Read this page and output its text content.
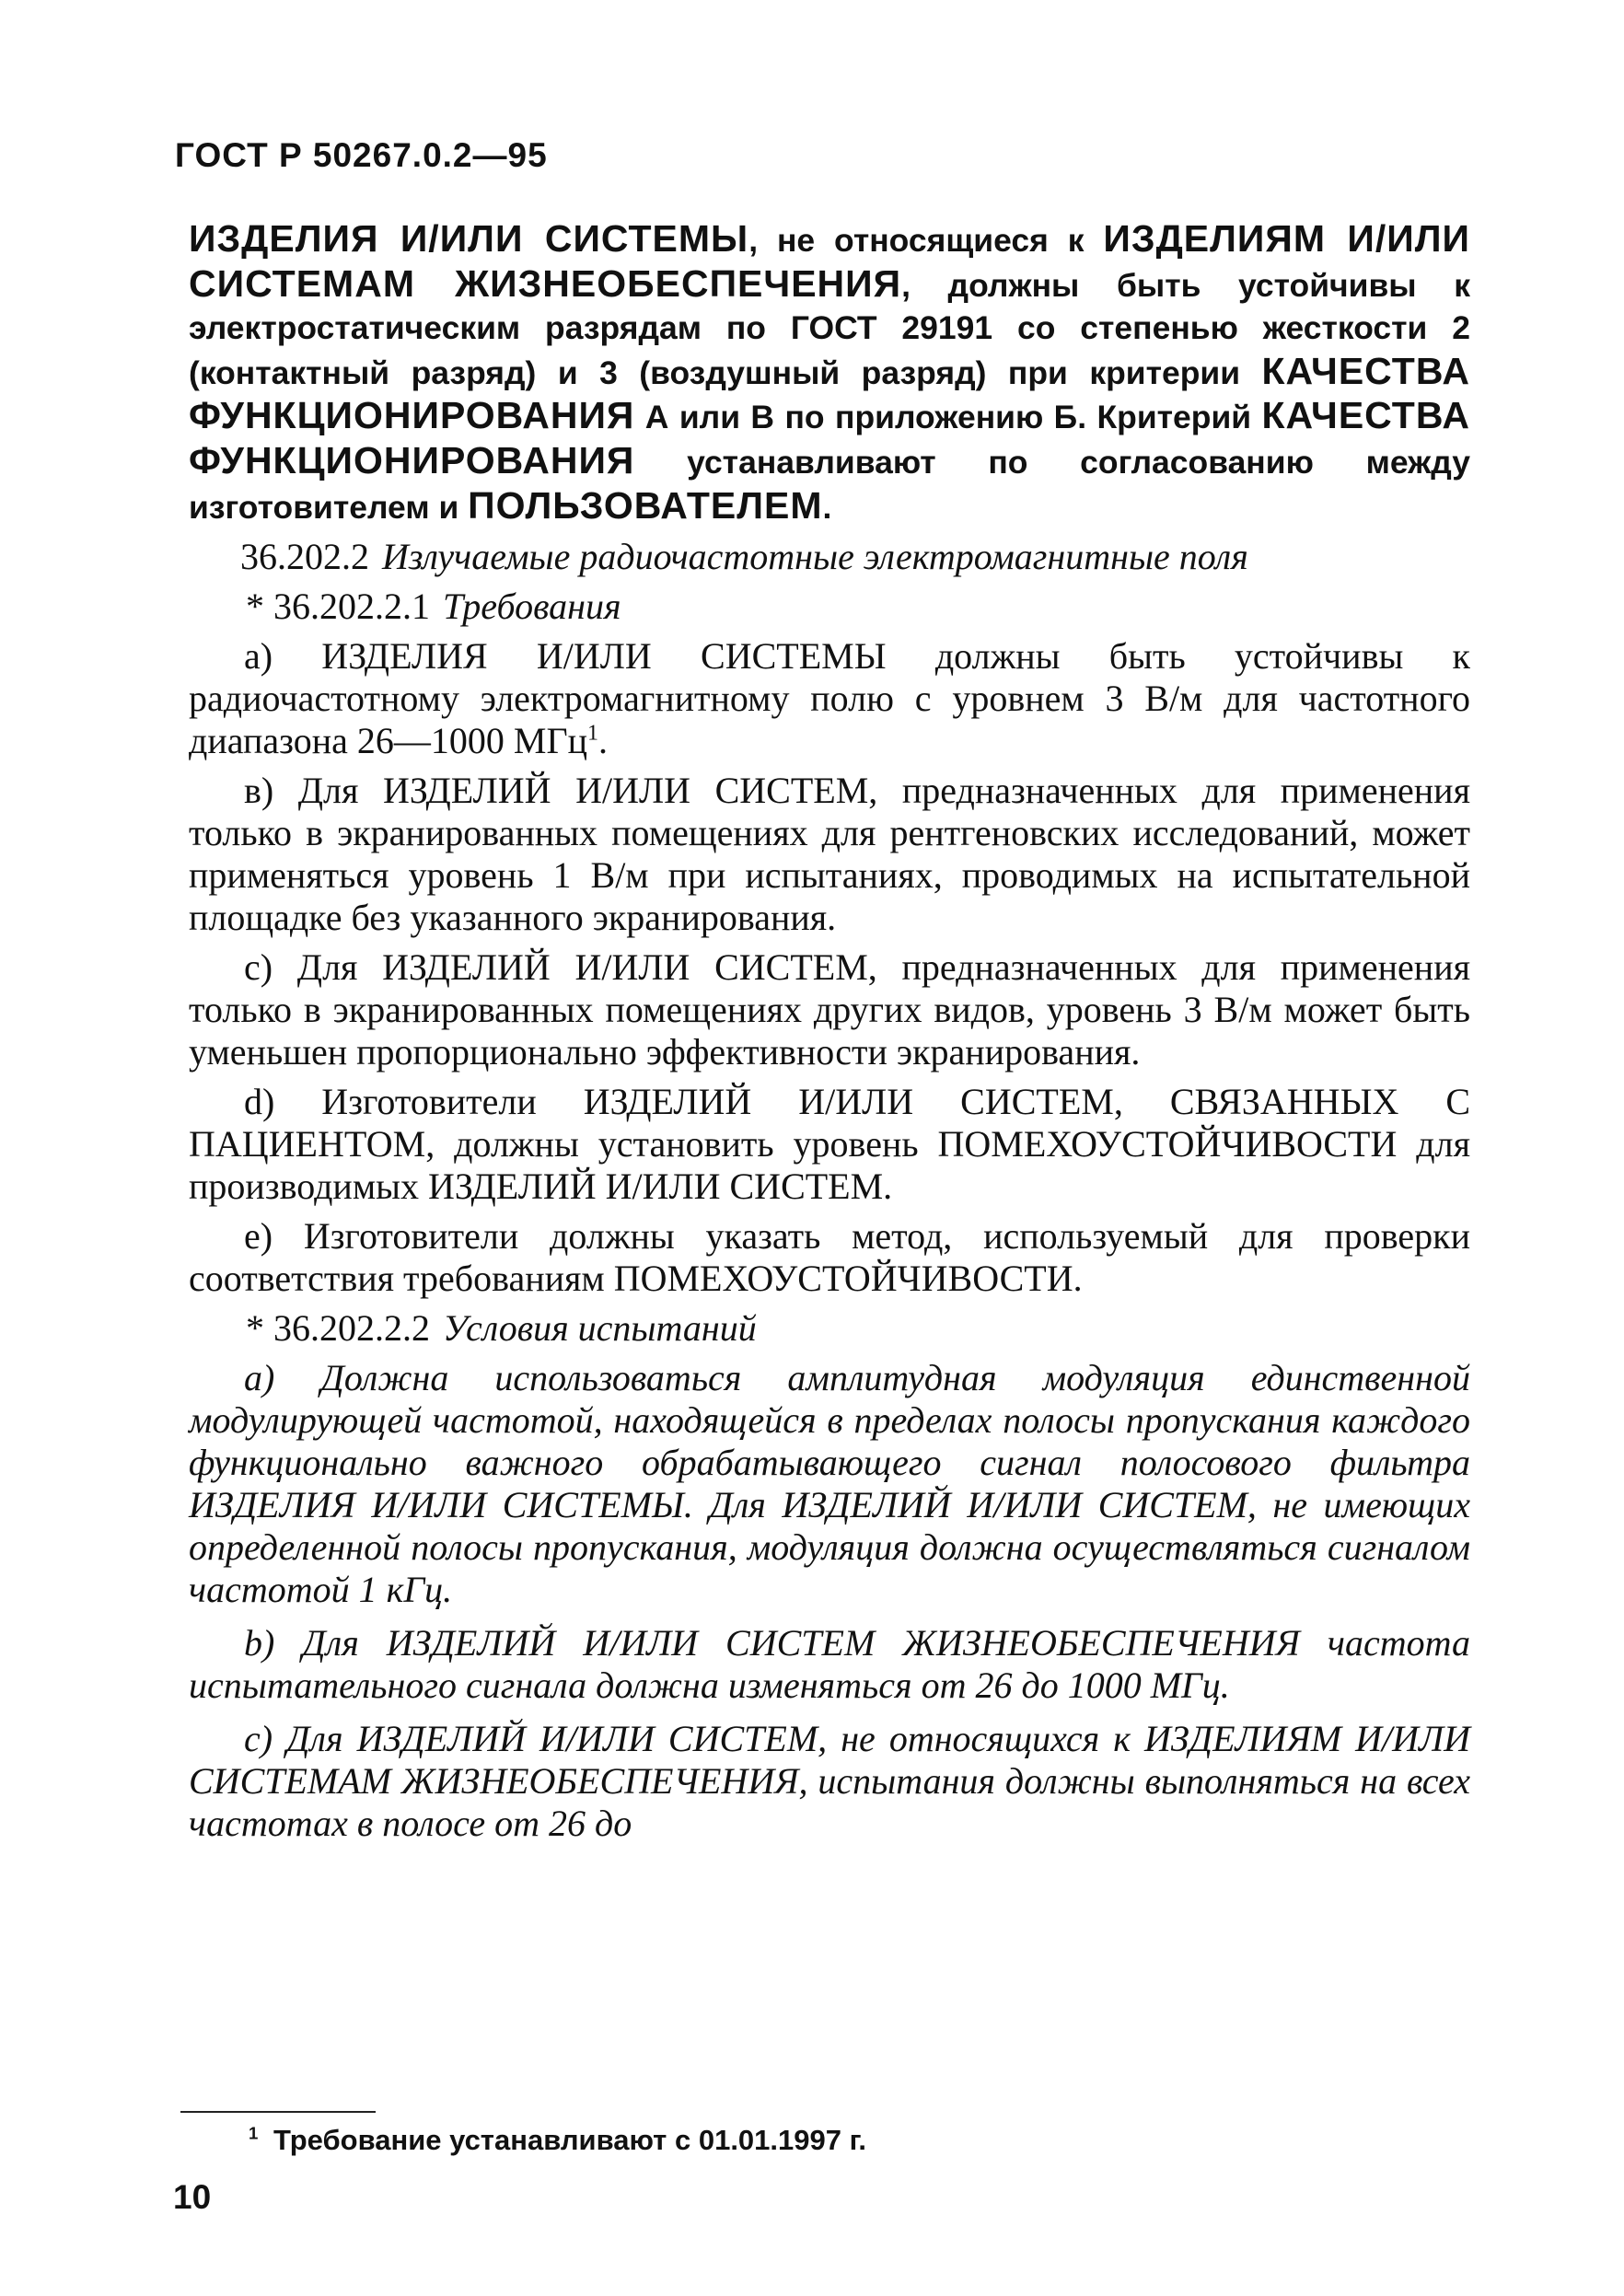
ГОСТ Р 50267.0.2—95

ИЗДЕЛИЯ И/ИЛИ СИСТЕМЫ, не относящиеся к ИЗДЕЛИЯМ И/ИЛИ СИСТЕМАМ ЖИЗНЕОБЕСПЕЧЕНИЯ, должны быть устойчивы к электростатическим разрядам по ГОСТ 29191 со степенью жесткости 2 (контактный разряд) и 3 (воздушный разряд) при критерии КАЧЕСТВА ФУНКЦИОНИРОВАНИЯ А или В по приложению Б. Критерий КАЧЕСТВА ФУНКЦИОНИРОВАНИЯ устанавливают по согласованию между изготовителем и ПОЛЬЗОВАТЕЛЕМ.

36.202.2 Излучаемые радиочастотные электромагнитные поля

* 36.202.2.1 Требования

а) ИЗДЕЛИЯ И/ИЛИ СИСТЕМЫ должны быть устойчивы к радиочастотному электромагнитному полю с уровнем 3 В/м для частотного диапазона 26—1000 МГц$^1$.

в) Для ИЗДЕЛИЙ И/ИЛИ СИСТЕМ, предназначенных для применения только в экранированных помещениях для рентгеновских исследований, может применяться уровень 1 В/м при испытаниях, проводимых на испытательной площадке без указанного экранирования.

с) Для ИЗДЕЛИЙ И/ИЛИ СИСТЕМ, предназначенных для применения только в экранированных помещениях других видов, уровень 3 В/м может быть уменьшен пропорционально эффективности экранирования.

d) Изготовители ИЗДЕЛИЙ И/ИЛИ СИСТЕМ, СВЯЗАННЫХ С ПАЦИЕНТОМ, должны установить уровень ПОМЕХОУСТОЙЧИВОСТИ для производимых ИЗДЕЛИЙ И/ИЛИ СИСТЕМ.

е) Изготовители должны указать метод, используемый для проверки соответствия требованиям ПОМЕХОУСТОЙЧИВОСТИ.

* 36.202.2.2 Условия испытаний

а) Должна использоваться амплитудная модуляция единственной модулирующей частотой, находящейся в пределах полосы пропускания каждого функционально важного обрабатывающего сигнал полосового фильтра ИЗДЕЛИЯ И/ИЛИ СИСТЕМЫ. Для ИЗДЕЛИЙ И/ИЛИ СИСТЕМ, не имеющих определенной полосы пропускания, модуляция должна осуществляться сигналом частотой 1 кГц.

b) Для ИЗДЕЛИЙ И/ИЛИ СИСТЕМ ЖИЗНЕОБЕСПЕЧЕНИЯ частота испытательного сигнала должна изменяться от 26 до 1000 МГц.

с) Для ИЗДЕЛИЙ И/ИЛИ СИСТЕМ, не относящихся к ИЗДЕЛИЯМ И/ИЛИ СИСТЕМАМ ЖИЗНЕОБЕСПЕЧЕНИЯ, испытания должны выполняться на всех частотах в полосе от 26 до

$^1$ Требование устанавливают с 01.01.1997 г.
10
